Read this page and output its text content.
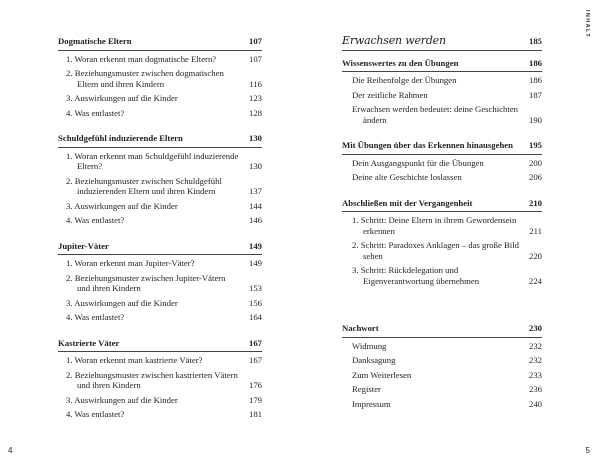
Dogmatische Eltern	107
1. Woran erkennt man dogmatische Eltern?	107
2. Beziehungsmuster zwischen dogmatischen Eltern und ihren Kindern	116
3. Auswirkungen auf die Kinder	123
4. Was entlastet?	128
Schuldgefühl induzierende Eltern	130
1. Woran erkennt man Schuldgefühl induzierende Eltern?	130
2. Beziehungsmuster zwischen Schuldgefühl induzierenden Eltern und ihren Kindern	137
3. Auswirkungen auf die Kinder	144
4. Was entlastet?	146
Jupiter-Väter	149
1. Woran erkennt man Jupiter-Väter?	149
2. Beziehungsmuster zwischen Jupiter-Vätern und ihren Kindern	153
3. Auswirkungen auf die Kinder	156
4. Was entlastet?	164
Kastrierte Väter	167
1. Woran erkennt man kastrierte Väter?	167
2. Beziehungsmuster zwischen kastrierten Vätern und ihren Kindern	176
3. Auswirkungen auf die Kinder	179
4. Was entlastet?	181
4
INHALT
Erwachsen werden	185
Wissenswertes zu den Übungen	186
Die Reihenfolge der Übungen	186
Der zeitliche Rahmen	187
Erwachsen werden bedeutet: deine Geschichten ändern	190
Mit Übungen über das Erkennen hinausgehen	195
Dein Ausgangspunkt für die Übungen	200
Deine alte Geschichte loslassen	206
Abschließen mit der Vergangenheit	210
1. Schritt: Deine Eltern in ihrem Gewordensein erkennen	211
2. Schritt: Paradoxes Anklagen – das große Bild sehen	220
3. Schritt: Rückdelegation und Eigenverantwortung übernehmen	224
Nachwort	230
Widmung	232
Danksagung	232
Zum Weiterlesen	233
Register	236
Impressum	240
5
